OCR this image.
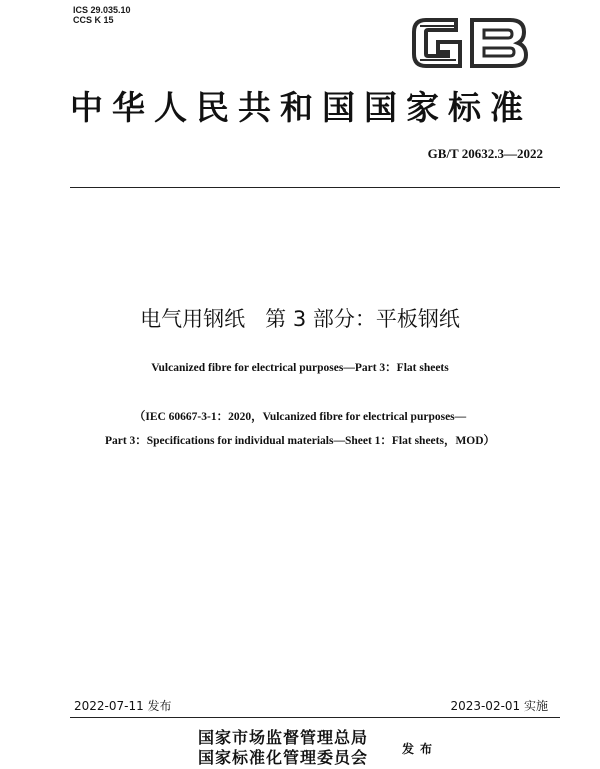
ICS 29.035.10
CCS K 15
中华人民共和国国家标准
GB/T 20632.3—2022
电气用钢纸   第 3 部分：平板钢纸
Vulcanized fibre for electrical purposes—Part 3：Flat sheets
（IEC 60667-3-1：2020，Vulcanized fibre for electrical purposes—
Part 3：Specifications for individual materials—Sheet 1：Flat sheets，MOD）
2022-07-11 发布	2023-02-01 实施
国家市场监督管理总局
国家标准化管理委员会	发布
